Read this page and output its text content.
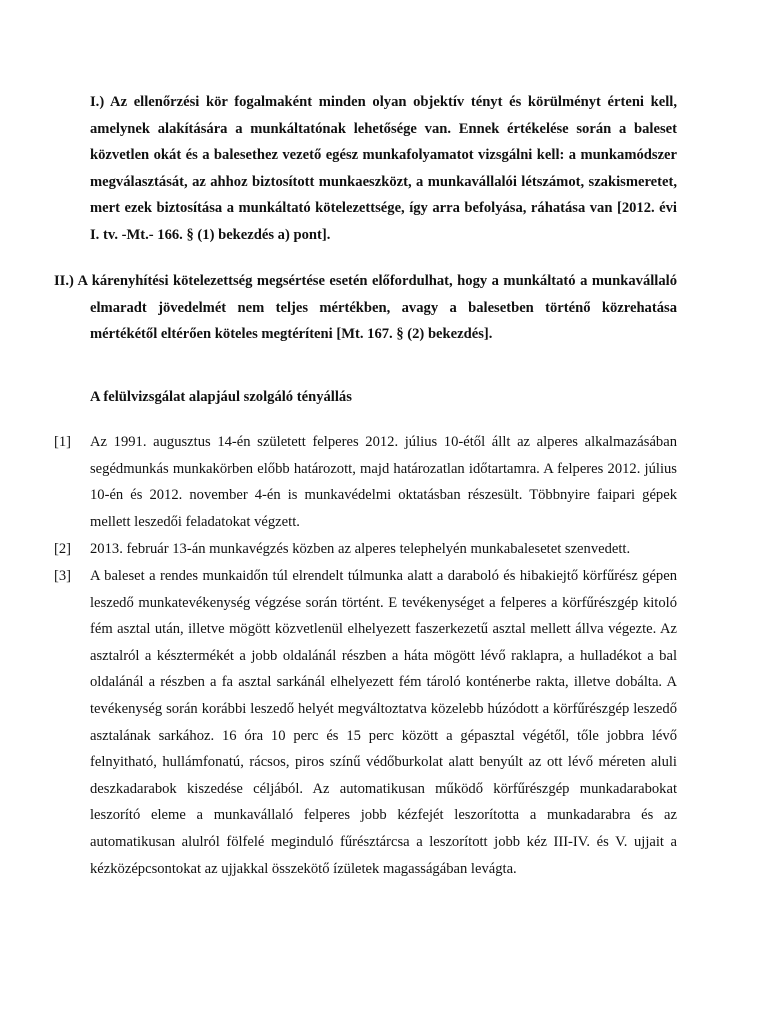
I.) Az ellenőrzési kör fogalmaként minden olyan objektív tényt és körülményt érteni kell, amelynek alakítására a munkáltatónak lehetősége van. Ennek értékelése során a baleset közvetlen okát és a balesethez vezető egész munkafolyamatot vizsgálni kell: a munkamódszer megválasztását, az ahhoz biztosított munkaeszközt, a munkavállalói létszámot, szakismeretet, mert ezek biztosítása a munkáltató kötelezettsége, így arra befolyása, ráhatása van [2012. évi I. tv. -Mt.- 166. § (1) bekezdés a) pont].

II.) A kárenyhítési kötelezettség megsértése esetén előfordulhat, hogy a munkáltató a munkavállaló elmaradt jövedelmét nem teljes mértékben, avagy a balesetben történő közrehatása mértékétől eltérően köteles megtéríteni [Mt. 167. § (2) bekezdés].

A felülvizsgálat alapjául szolgáló tényállás
[1] Az 1991. augusztus 14-én született felperes 2012. július 10-étől állt az alperes alkalmazásában segédmunkás munkakörben előbb határozott, majd határozatlan időtartamra. A felperes 2012. július 10-én és 2012. november 4-én is munkavédelmi oktatásban részesült. Többnyire faipari gépek mellett leszedői feladatokat végzett.

[2] 2013. február 13-án munkavégzés közben az alperes telephelyén munkabalesetet szenvedett.

[3] A baleset a rendes munkaidőn túl elrendelt túlmunka alatt a daraboló és hibakiejtő körfűrész gépen leszedő munkatevékenység végzése során történt. E tevékenységet a felperes a körfűrészgép kitoló fém asztal után, illetve mögött közvetlenül elhelyezett faszerkezetű asztal mellett állva végezte. Az asztalról a késztermékét a jobb oldalánál részben a háta mögött lévő raklapra, a hulladékot a bal oldalánál a részben a fa asztal sarkánál elhelyezett fém tároló konténerbe rakta, illetve dobálta. A tevékenység során korábbi leszedő helyét megváltoztatva közelebb húzódott a körfűrészgép leszedő asztalának sarkához. 16 óra 10 perc és 15 perc között a gépasztal végétől, tőle jobbra lévő felnyitható, hullámfonatú, rácsos, piros színű védőburkolat alatt benyúlt az ott lévő méreten aluli deszkadarabok kiszedése céljából. Az automatikusan működő körfűrészgép munkadarabokat leszorító eleme a munkavállaló felperes jobb kézfejét leszorította a munkadarabra és az automatikusan alulról fölfelé meginduló fűrésztárcsa a leszorított jobb kéz III-IV. és V. ujjait a kézközépcsontokat az ujjakkal összekötő ízületek magasságában levágta.
